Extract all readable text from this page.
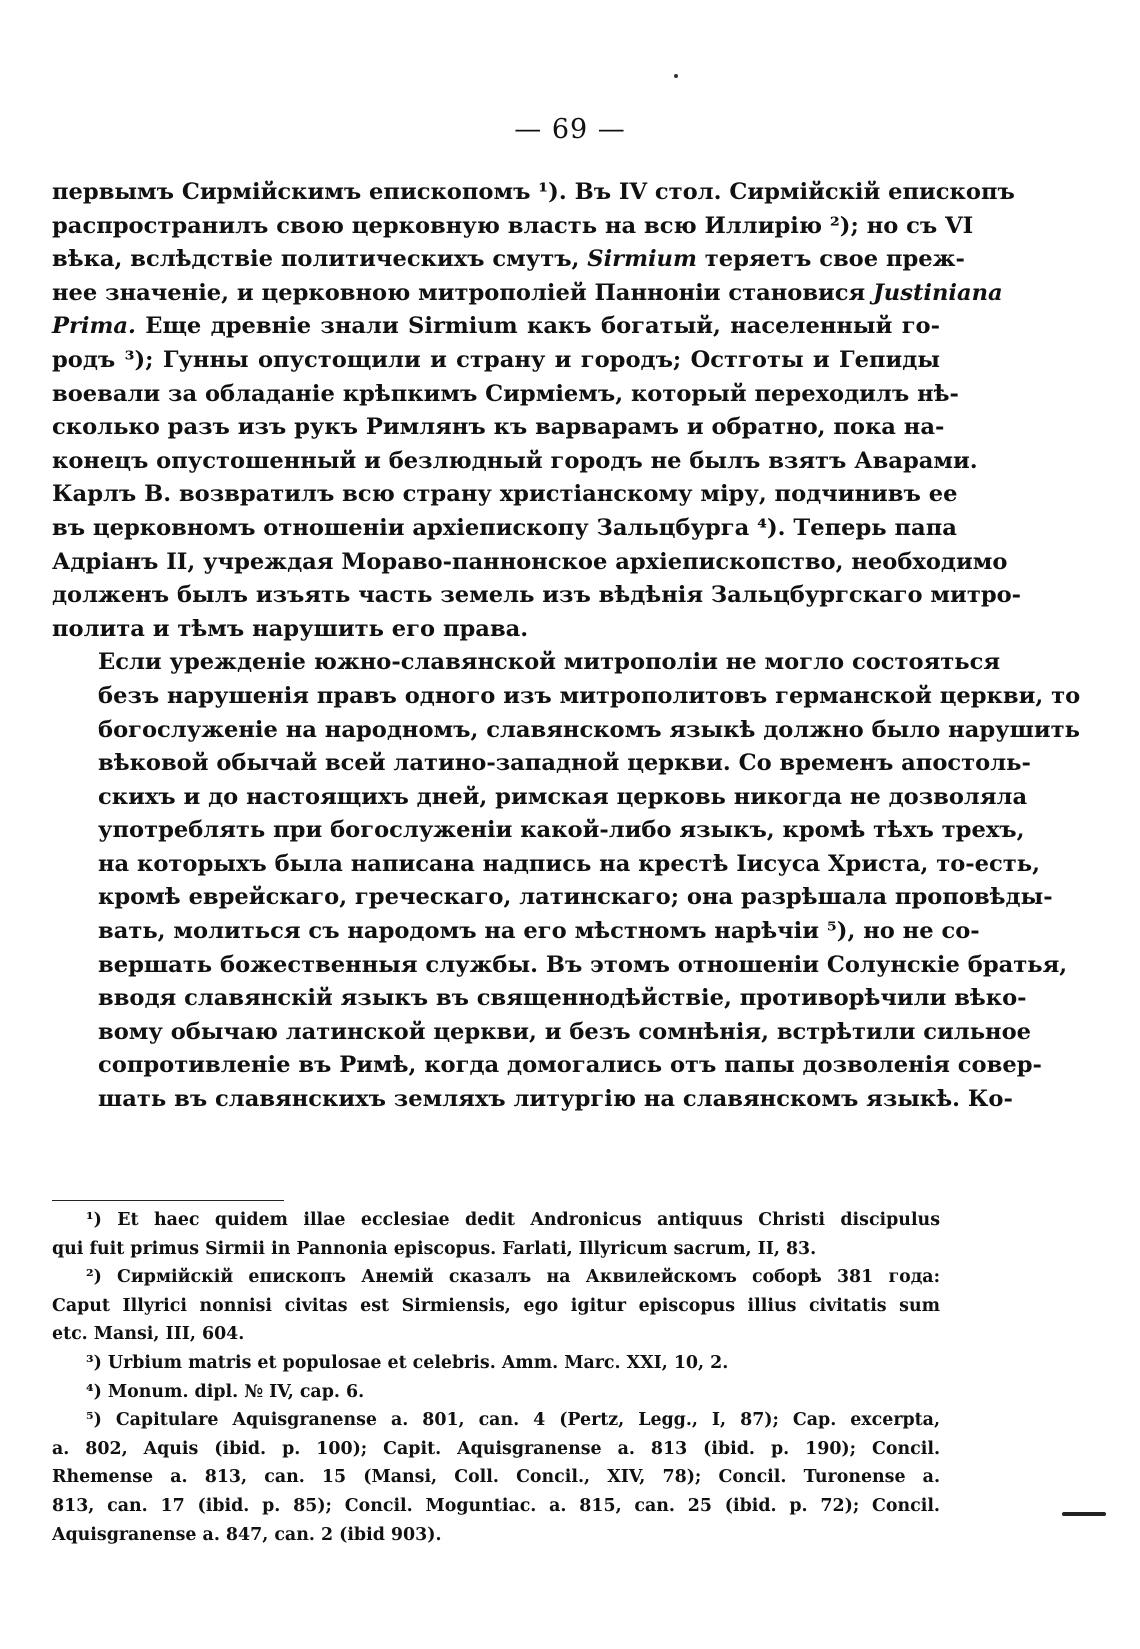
— 69 —

первымъ Сирмійскимъ епископомъ ¹). Въ IV стол. Сирмійскій епископъ
распространилъ свою церковную власть на всю Иллирію ²); но съ VI
вѣка, вслѣдствіе политическихъ смутъ, Sirmium теряетъ свое преж-
нее значеніе, и церковною митрополіей Панноніи становися Justiniana
Prima. Еще древніе знали Sirmium какъ богатый, населенный го-
родъ ³); Гунны опустощили и страну и городъ; Остготы и Гепиды
воевали за обладаніе крѣпкимъ Сирміемъ, который переходилъ нѣ-
сколько разъ изъ рукъ Римлянъ къ варварамъ и обратно, пока на-
конецъ опустошенный и безлюдный городъ не былъ взятъ Аварами.
Карлъ В. возвратилъ всю страну христіанскому міру, подчинивъ ее
въ церковномъ отношеніи архіепископу Зальцбурга ⁴). Теперь папа
Адріанъ II, учреждая Мораво-паннонское архіепископство, необходимо
долженъ былъ изъять часть земель изъ вѣдѣнія Зальцбургскаго митро-
полита и тѣмъ нарушить его права.

Если урежденіе южно-славянской митрополіи не могло состояться
безъ нарушенія правъ одного изъ митрополитовъ германской церкви, то
богослуженіе на народномъ, славянскомъ языкѣ должно было нарушить
вѣковой обычай всей латино-западной церкви. Со временъ апостоль-
скихъ и до настоящихъ дней, римская церковь никогда не дозволяла
употреблять при богослуженіи какой-либо языкъ, кромѣ тѣхъ трехъ,
на которыхъ была написана надпись на крестѣ Іисуса Христа, то-есть,
кромѣ еврейскаго, греческаго, латинскаго; она разрѣшала проповѣды-
вать, молиться съ народомъ на его мѣстномъ нарѣчіи ⁵), но не со-
вершать божественныя службы. Въ этомъ отношеніи Солунскіе братья,
вводя славянскій языкъ въ священнодѣйствіе, противорѣчили вѣко-
вому обычаю латинской церкви, и безъ сомнѣнія, встрѣтили сильное
сопротивленіе въ Римѣ, когда домогались отъ папы дозволенія совер-
шать въ славянскихъ земляхъ литургію на славянскомъ языкѣ. Ко-

¹) Et haec quidem illae ecclesiae dedit Andronicus antiquus Christi discipulus
qui fuit primus Sirmii in Pannonia episcopus. Farlati, Illyricum sacrum, II, 83.
²) Сирмійскій епископъ Анемій сказалъ на Аквилейскомъ соборѣ 381 года:
Caput Illyrici nonnisi civitas est Sirmiensis, ego igitur episcopus illius civitatis sum
etc. Mansi, III, 604.
³) Urbium matris et populosae et celebris. Amm. Marc. XXI, 10, 2.
⁴) Monum. dipl. № IV, cap. 6.
⁵) Capitulare Aquisgranense a. 801, can. 4 (Pertz, Legg., I, 87); Cap. excerpta,
a. 802, Aquis (ibid. p. 100); Capit. Aquisgranense a. 813 (ibid. p. 190); Concil.
Rhemense a. 813, can. 15 (Mansi, Coll. Concil., XIV, 78); Concil. Turonense a.
813, can. 17 (ibid. p. 85); Concil. Moguntiac. a. 815, can. 25 (ibid. p. 72); Concil.
Aquisgranense a. 847, can. 2 (ibid 903).
